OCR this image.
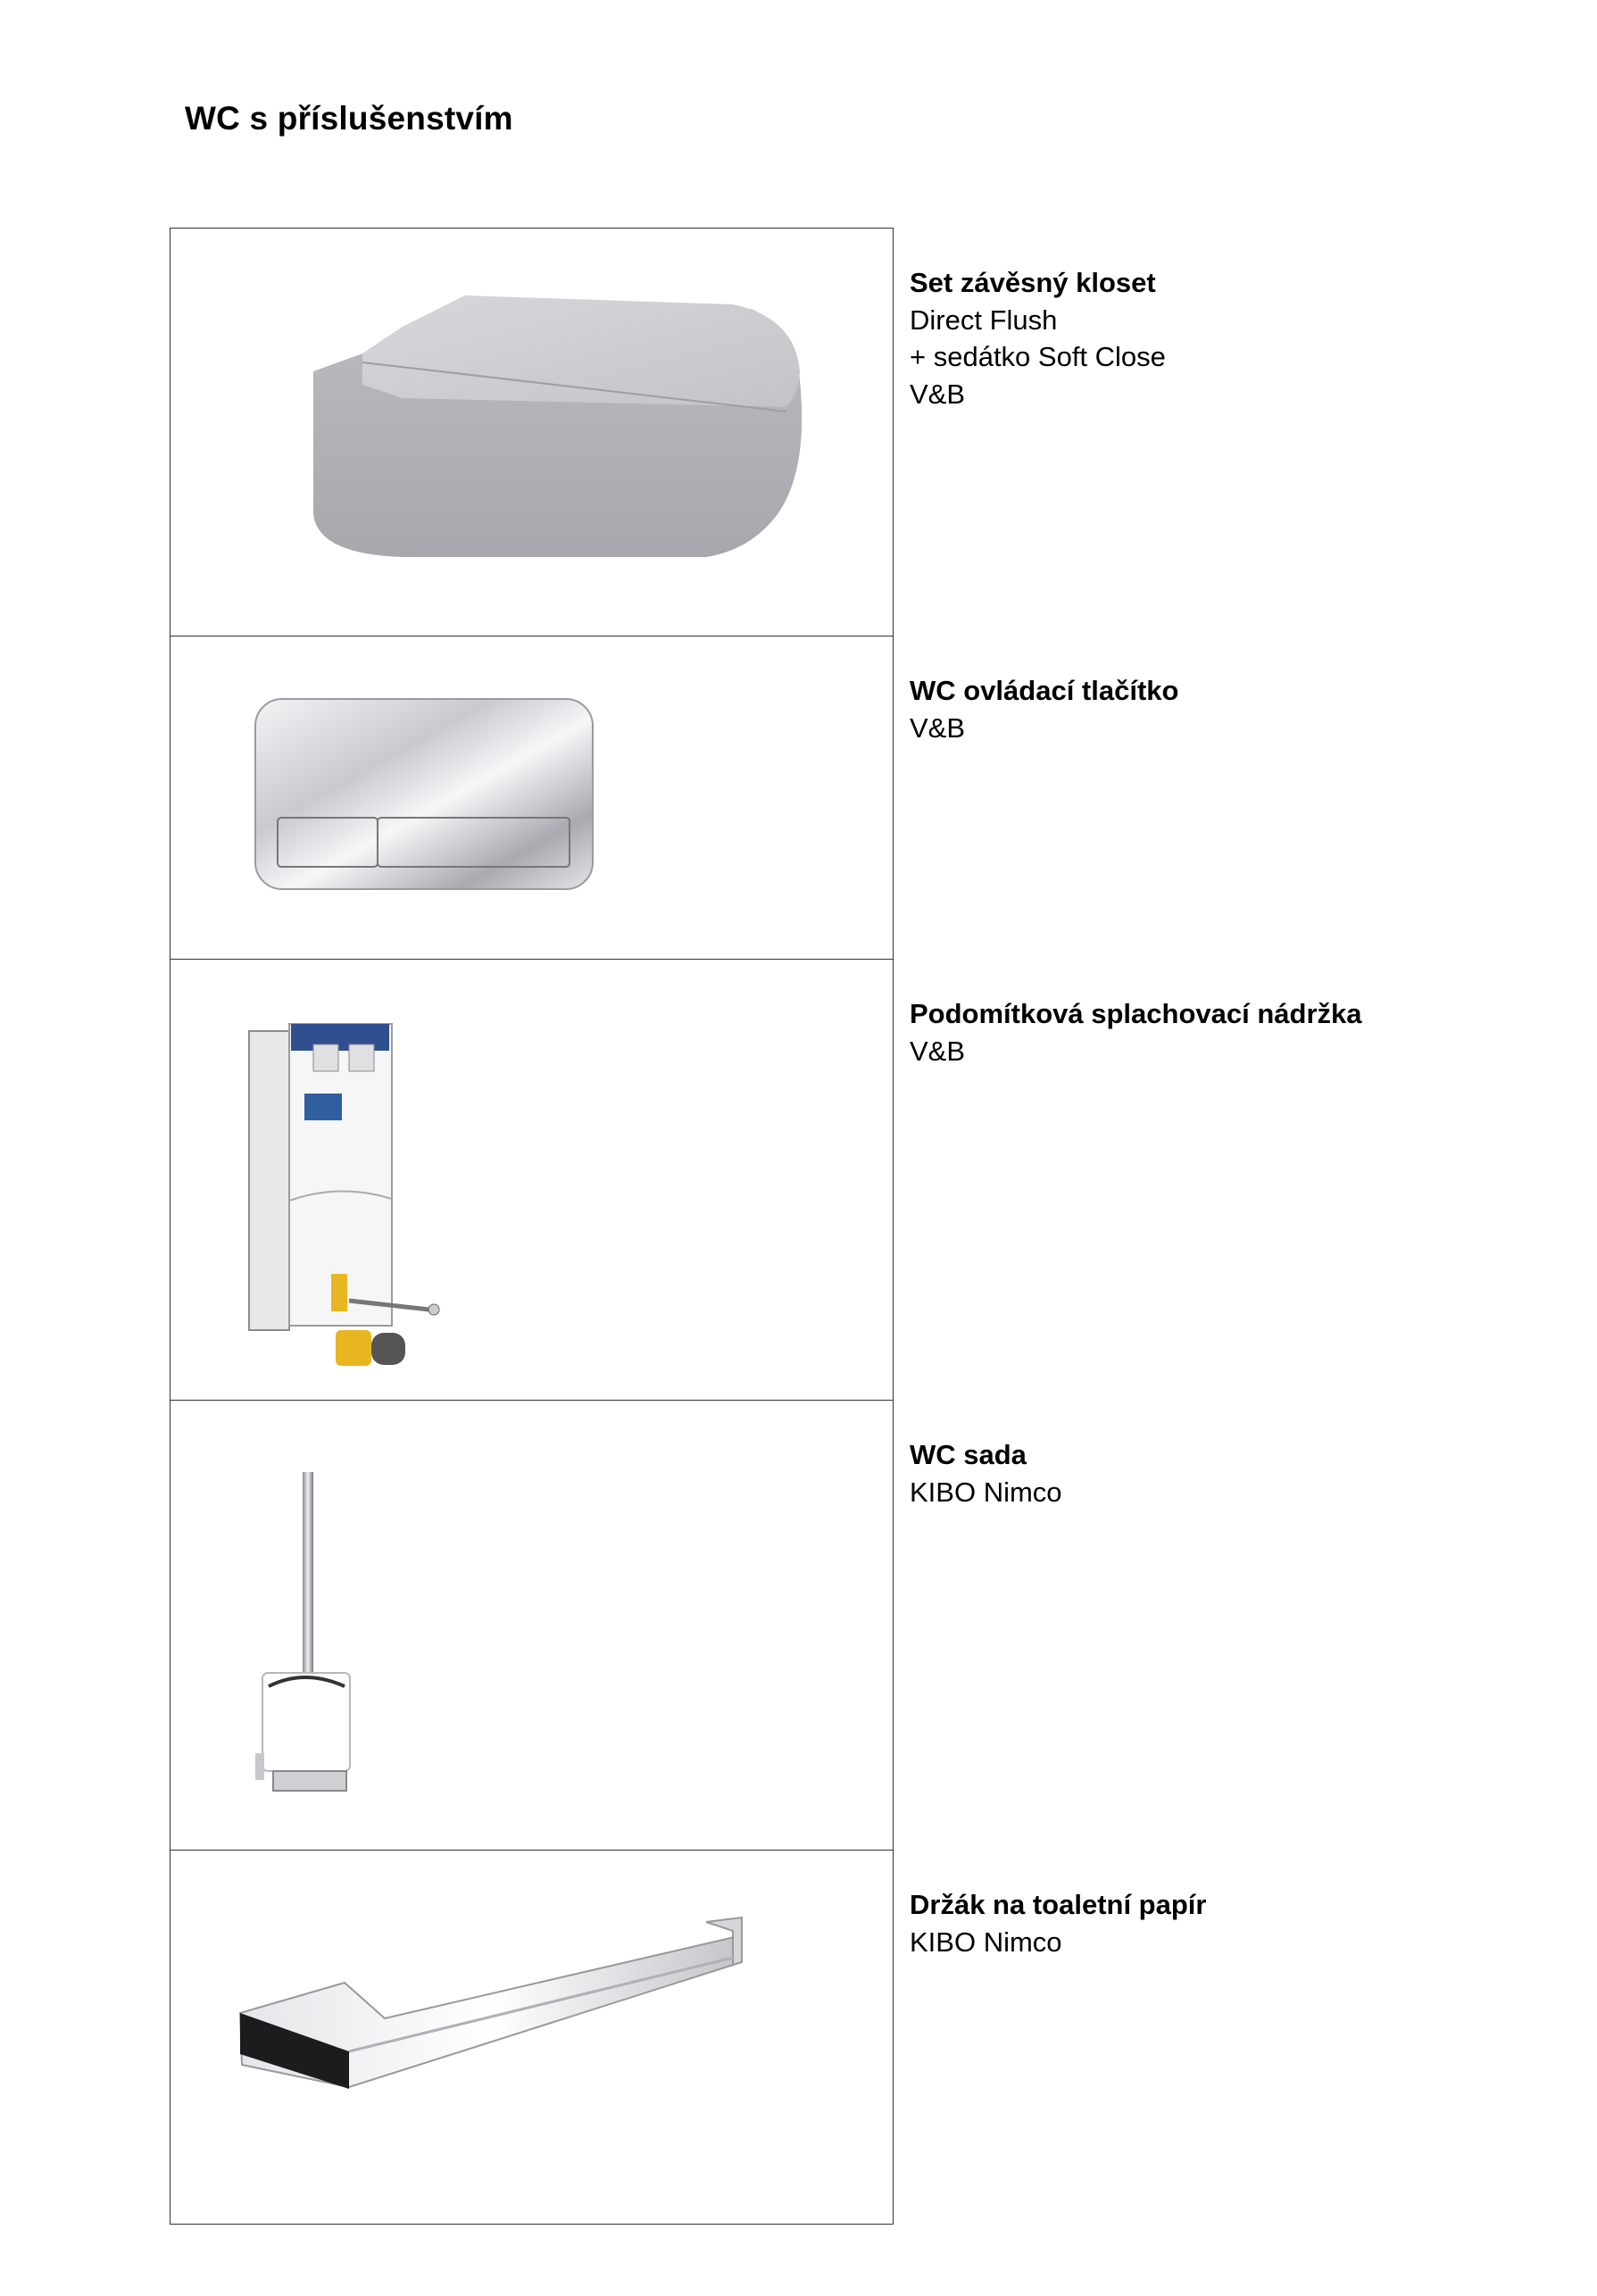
WC s příslušenstvím
Set závěsný kloset
Direct Flush
+ sedátko Soft Close
V&B
WC ovládací tlačítko
V&B
Podomítková splachovací nádržka
V&B
WC sada
KIBO Nimco
Držák na toaletní papír
KIBO Nimco
